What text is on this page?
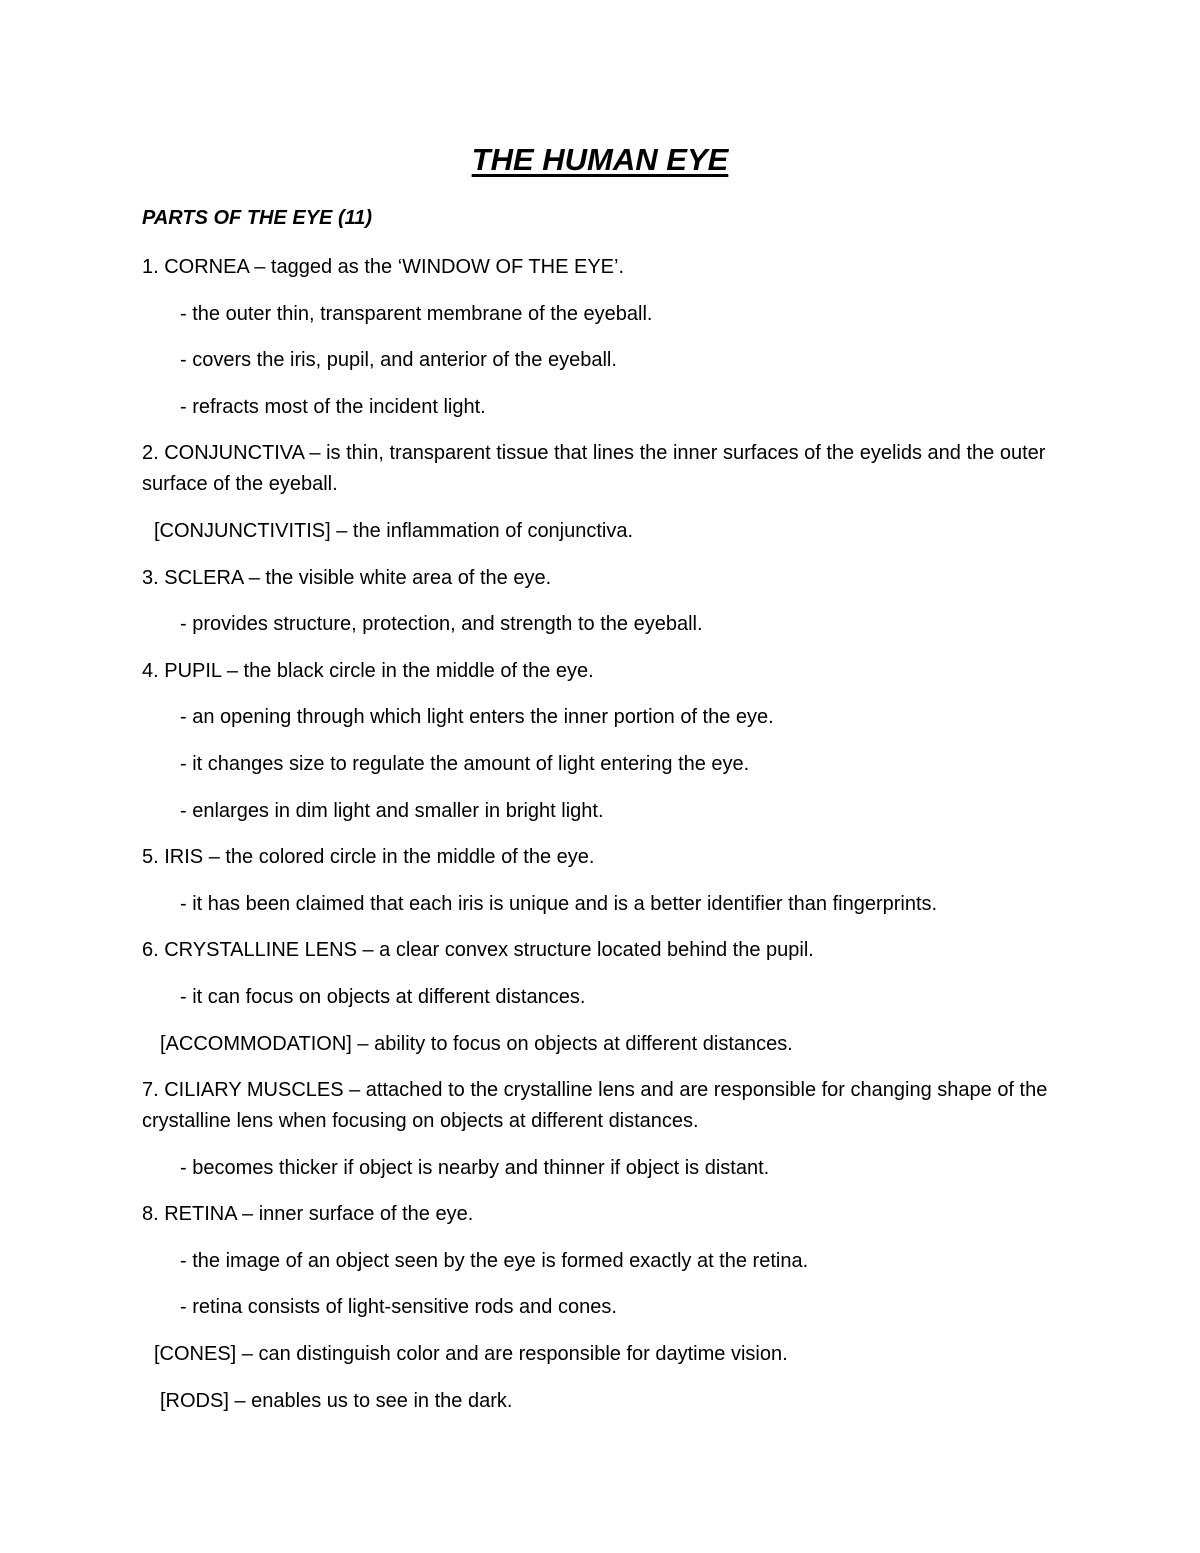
THE HUMAN EYE
PARTS OF THE EYE (11)

1. CORNEA – tagged as the ‘WINDOW OF THE EYE’.

- the outer thin, transparent membrane of the eyeball.

- covers the iris, pupil, and anterior of the eyeball.

- refracts most of the incident light.

2. CONJUNCTIVA – is thin, transparent tissue that lines the inner surfaces of the eyelids and the outer surface of the eyeball.

[CONJUNCTIVITIS] – the inflammation of conjunctiva.

3. SCLERA – the visible white area of the eye.

- provides structure, protection, and strength to the eyeball.

4. PUPIL – the black circle in the middle of the eye.

- an opening through which light enters the inner portion of the eye.

- it changes size to regulate the amount of light entering the eye.

- enlarges in dim light and smaller in bright light.

5. IRIS – the colored circle in the middle of the eye.

- it has been claimed that each iris is unique and is a better identifier than fingerprints.

6. CRYSTALLINE LENS – a clear convex structure located behind the pupil.

- it can focus on objects at different distances.

[ACCOMMODATION] – ability to focus on objects at different distances.

7. CILIARY MUSCLES – attached to the crystalline lens and are responsible for changing shape of the crystalline lens when focusing on objects at different distances.

- becomes thicker if object is nearby and thinner if object is distant.

8. RETINA – inner surface of the eye.

- the image of an object seen by the eye is formed exactly at the retina.

- retina consists of light-sensitive rods and cones.

[CONES] – can distinguish color and are responsible for daytime vision.

[RODS] – enables us to see in the dark.
